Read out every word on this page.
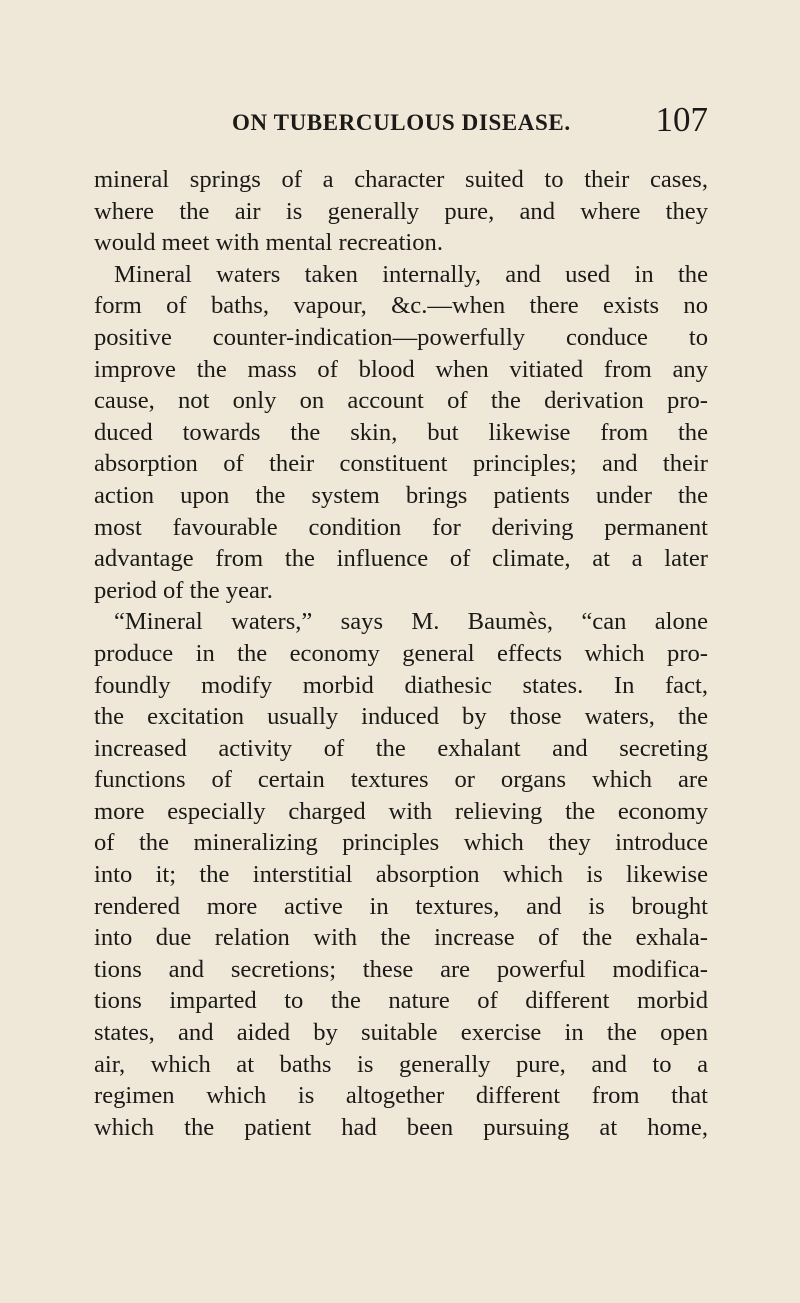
ON TUBERCULOUS DISEASE. 107
mineral springs of a character suited to their cases,
where the air is generally pure, and where they
would meet with mental recreation.
Mineral waters taken internally, and used in the
form of baths, vapour, &c.—when there exists no
positive counter-indication—powerfully conduce to
improve the mass of blood when vitiated from any
cause, not only on account of the derivation pro-
duced towards the skin, but likewise from the
absorption of their constituent principles; and their
action upon the system brings patients under the
most favourable condition for deriving permanent
advantage from the influence of climate, at a later
period of the year.
“Mineral waters,” says M. Baumès, “can alone
produce in the economy general effects which pro-
foundly modify morbid diathesic states. In fact,
the excitation usually induced by those waters, the
increased activity of the exhalant and secreting
functions of certain textures or organs which are
more especially charged with relieving the economy
of the mineralizing principles which they introduce
into it; the interstitial absorption which is likewise
rendered more active in textures, and is brought
into due relation with the increase of the exhala-
tions and secretions; these are powerful modifica-
tions imparted to the nature of different morbid
states, and aided by suitable exercise in the open
air, which at baths is generally pure, and to a
regimen which is altogether different from that
which the patient had been pursuing at home,
